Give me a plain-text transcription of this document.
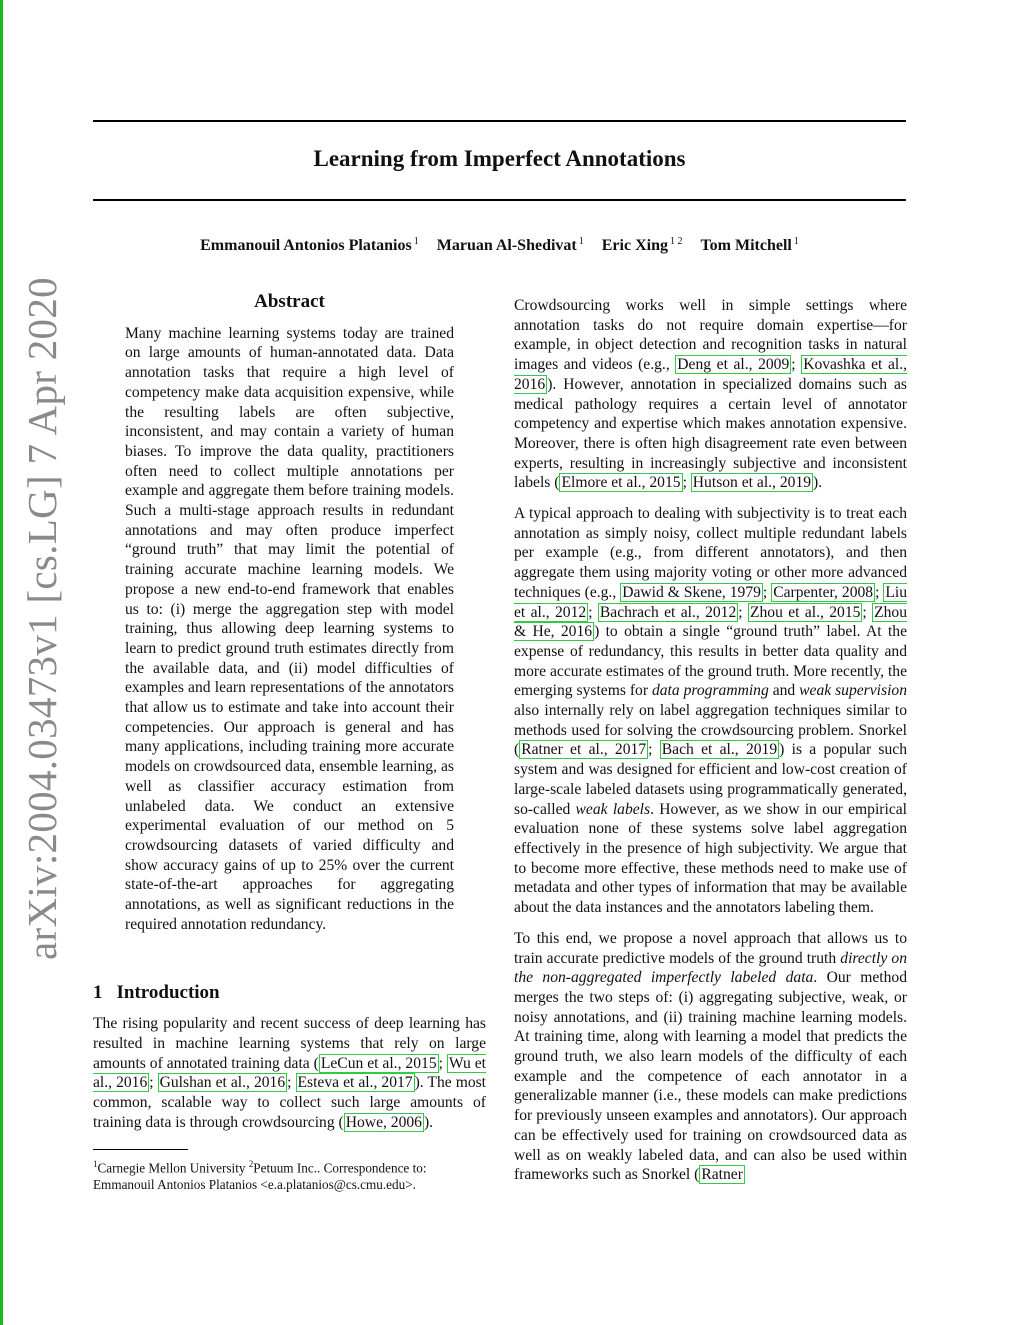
arXiv:2004.03473v1 [cs.LG] 7 Apr 2020
Learning from Imperfect Annotations
Emmanouil Antonios Platanios $^1$ Maruan Al-Shedivat $^1$ Eric Xing $^{1 2}$ Tom Mitchell $^1$
Abstract

Many machine learning systems today are trained on large amounts of human-annotated data. Data annotation tasks that require a high level of competency make data acquisition expensive, while the resulting labels are often subjective, inconsistent, and may contain a variety of human biases. To improve the data quality, practitioners often need to collect multiple annotations per example and aggregate them before training models. Such a multi-stage approach results in redundant annotations and may often produce imperfect “ground truth” that may limit the potential of training accurate machine learning models. We propose a new end-to-end framework that enables us to: (i) merge the aggregation step with model training, thus allowing deep learning systems to learn to predict ground truth estimates directly from the available data, and (ii) model difficulties of examples and learn representations of the annotators that allow us to estimate and take into account their competencies. Our approach is general and has many applications, including training more accurate models on crowdsourced data, ensemble learning, as well as classifier accuracy estimation from unlabeled data. We conduct an extensive experimental evaluation of our method on 5 crowdsourcing datasets of varied difficulty and show accuracy gains of up to 25% over the current state-of-the-art approaches for aggregating annotations, as well as significant reductions in the required annotation redundancy.

1 Introduction

The rising popularity and recent success of deep learning has resulted in machine learning systems that rely on large amounts of annotated training data ( LeCun et al., 2015 ; Wu et al., 2016 ; Gulshan et al., 2016 ; Esteva et al., 2017 ). The most common, scalable way to collect such large amounts of training data is through crowdsourcing ( Howe, 2006 ).

$^1$Carnegie Mellon University $^2$Petuum Inc.. Correspondence to: Emmanouil Antonios Platanios <e.a.platanios@cs.cmu.edu>.

Crowdsourcing works well in simple settings where annotation tasks do not require domain expertise—for example, in object detection and recognition tasks in natural images and videos (e.g., Deng et al., 2009 ; Kovashka et al., 2016 ). However, annotation in specialized domains such as medical pathology requires a certain level of annotator competency and expertise which makes annotation expensive. Moreover, there is often high disagreement rate even between experts, resulting in increasingly subjective and inconsistent labels ( Elmore et al., 2015 ; Hutson et al., 2019 ).

A typical approach to dealing with subjectivity is to treat each annotation as simply noisy, collect multiple redundant labels per example (e.g., from different annotators), and then aggregate them using majority voting or other more advanced techniques (e.g., Dawid & Skene, 1979 ; Carpenter, 2008 ; Liu et al., 2012 ; Bachrach et al., 2012 ; Zhou et al., 2015 ; Zhou & He, 2016 ) to obtain a single “ground truth” label. At the expense of redundancy, this results in better data quality and more accurate estimates of the ground truth. More recently, the emerging systems for data programming and weak supervision also internally rely on label aggregation techniques similar to methods used for solving the crowdsourcing problem. Snorkel ( Ratner et al., 2017 ; Bach et al., 2019 ) is a popular such system and was designed for efficient and low-cost creation of large-scale labeled datasets using programmatically generated, so-called weak labels. However, as we show in our empirical evaluation none of these systems solve label aggregation effectively in the presence of high subjectivity. We argue that to become more effective, these methods need to make use of metadata and other types of information that may be available about the data instances and the annotators labeling them.

To this end, we propose a novel approach that allows us to train accurate predictive models of the ground truth directly on the non-aggregated imperfectly labeled data. Our method merges the two steps of: (i) aggregating subjective, weak, or noisy annotations, and (ii) training machine learning models. At training time, along with learning a model that predicts the ground truth, we also learn models of the difficulty of each example and the competence of each annotator in a generalizable manner (i.e., these models can make predictions for previously unseen examples and annotators). Our approach can be effectively used for training on crowdsourced data as well as on weakly labeled data, and can also be used within frameworks such as Snorkel ( Ratner
